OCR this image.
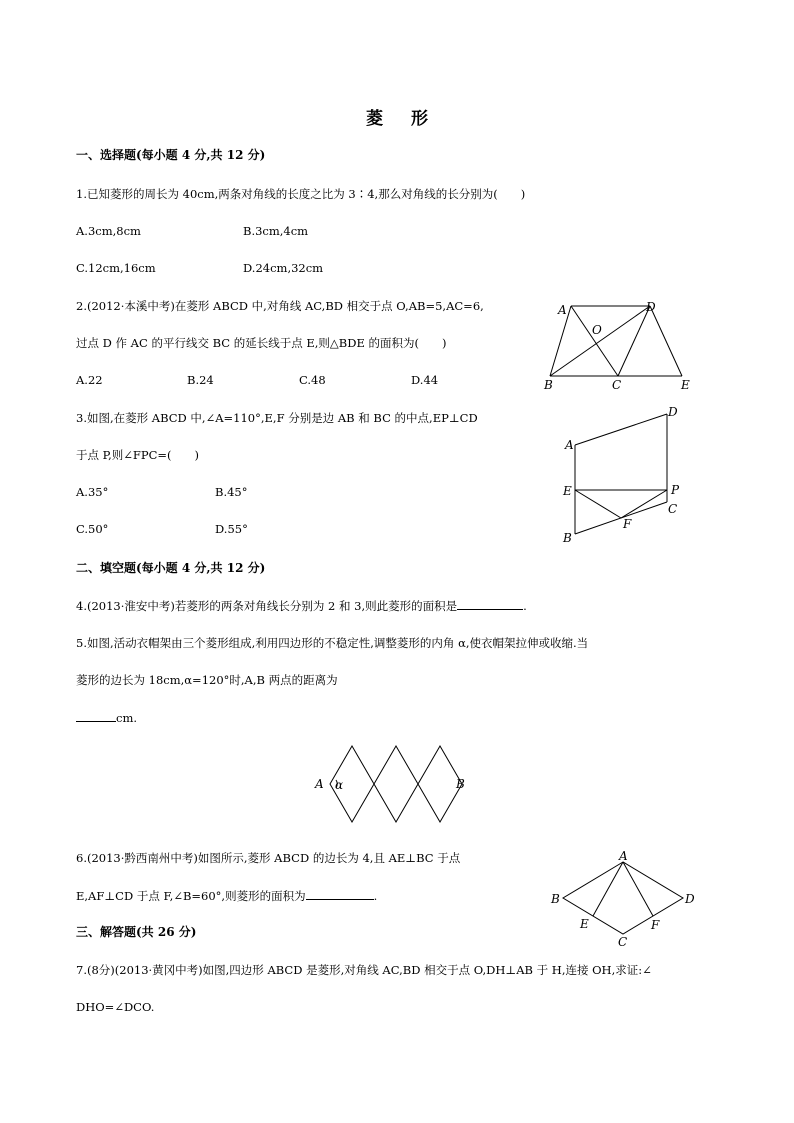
菱 形
一、选择题(每小题 4 分,共 12 分)
1.已知菱形的周长为 40cm,两条对角线的长度之比为 3∶4,那么对角线的长分别为(　　)
A.3cm,8cm	B.3cm,4cm
C.12cm,16cm	D.24cm,32cm
2.(2012·本溪中考)在菱形 ABCD 中,对角线 AC,BD 相交于点 O,AB=5,AC=6,
过点 D 作 AC 的平行线交 BC 的延长线于点 E,则△BDE 的面积为(　　)
A.22	B.24	C.48	D.44
A	D
O
B	C	E
3.如图,在菱形 ABCD 中,∠A=110°,E,F 分别是边 AB 和 BC 的中点,EP⊥CD
于点 P,则∠FPC=(　　)
A.35°	B.45°
C.50°	D.55°
D
A
E	P
C
F
B
二、填空题(每小题 4 分,共 12 分)
4.(2013·淮安中考)若菱形的两条对角线长分别为 2 和 3,则此菱形的面积是	.
5.如图,活动衣帽架由三个菱形组成,利用四边形的不稳定性,调整菱形的内角 α,使衣帽架拉伸或收缩.当
菱形的边长为 18cm,α=120°时,A,B 两点的距离为
cm.
A α	B
6.(2013·黔西南州中考)如图所示,菱形 ABCD 的边长为 4,且 AE⊥BC 于点
E,AF⊥CD 于点 F,∠B=60°,则菱形的面积为	.
A
B	D
E	F
C
三、解答题(共 26 分)
7.(8分)(2013·黄冈中考)如图,四边形 ABCD 是菱形,对角线 AC,BD 相交于点 O,DH⊥AB 于 H,连接 OH,求证:∠
DHO=∠DCO.
